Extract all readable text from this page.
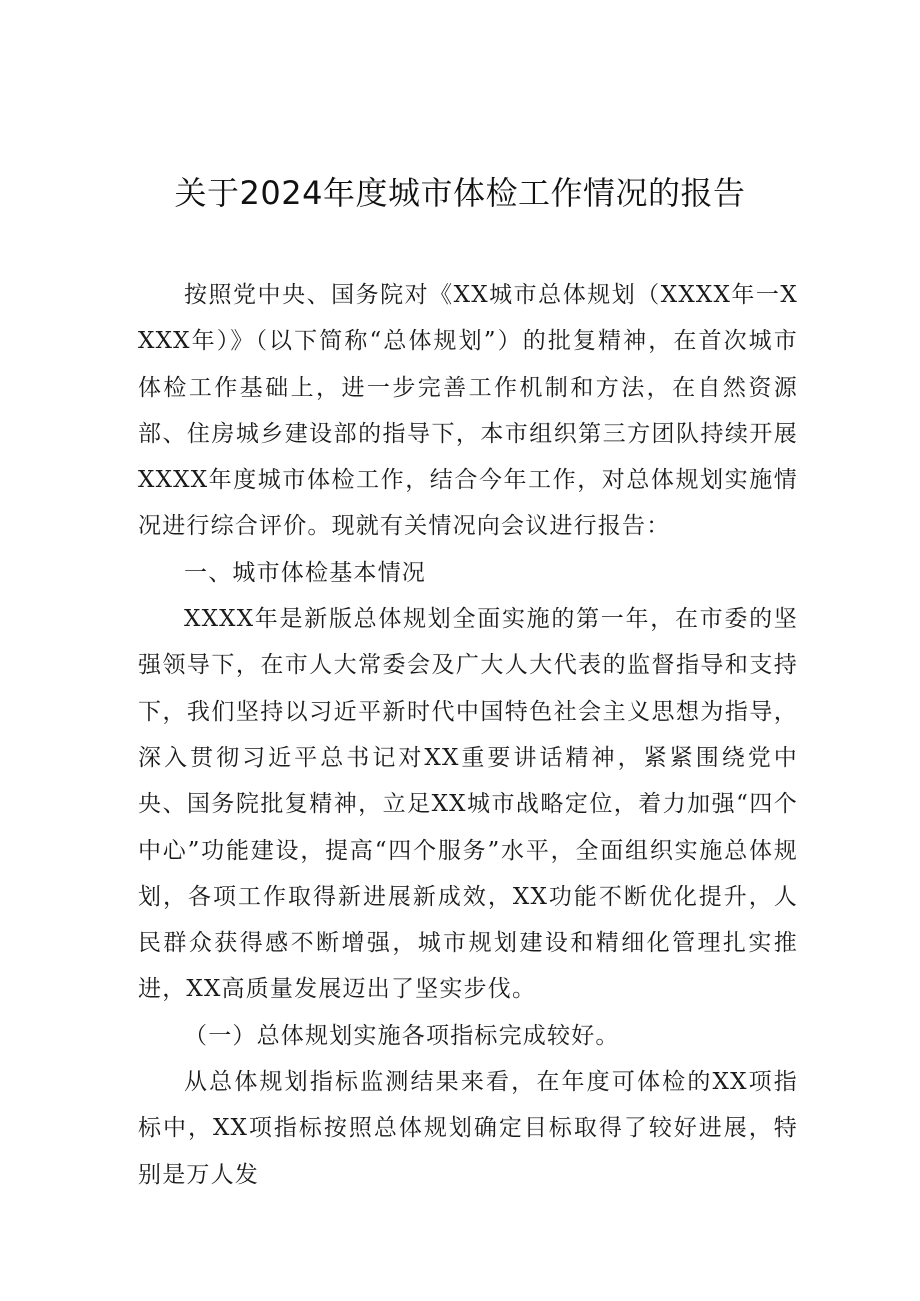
关于2024年度城市体检工作情况的报告

按照党中央、国务院对《XX城市总体规划（XXXX年一XXXX年）》（以下简称“总体规划”）的批复精神，在首次城市体检工作基础上，进一步完善工作机制和方法，在自然资源部、住房城乡建设部的指导下，本市组织第三方团队持续开展XXXX年度城市体检工作，结合今年工作，对总体规划实施情况进行综合评价。现就有关情况向会议进行报告：

一、城市体检基本情况

XXXX年是新版总体规划全面实施的第一年，在市委的坚强领导下，在市人大常委会及广大人大代表的监督指导和支持下，我们坚持以习近平新时代中国特色社会主义思想为指导，深入贯彻习近平总书记对XX重要讲话精神，紧紧围绕党中央、国务院批复精神，立足XX城市战略定位，着力加强“四个中心”功能建设，提高“四个服务”水平，全面组织实施总体规划，各项工作取得新进展新成效，XX功能不断优化提升，人民群众获得感不断增强，城市规划建设和精细化管理扎实推进，XX高质量发展迈出了坚实步伐。

（一）总体规划实施各项指标完成较好。

从总体规划指标监测结果来看，在年度可体检的XX项指标中，XX项指标按照总体规划确定目标取得了较好进展，特别是万人发
